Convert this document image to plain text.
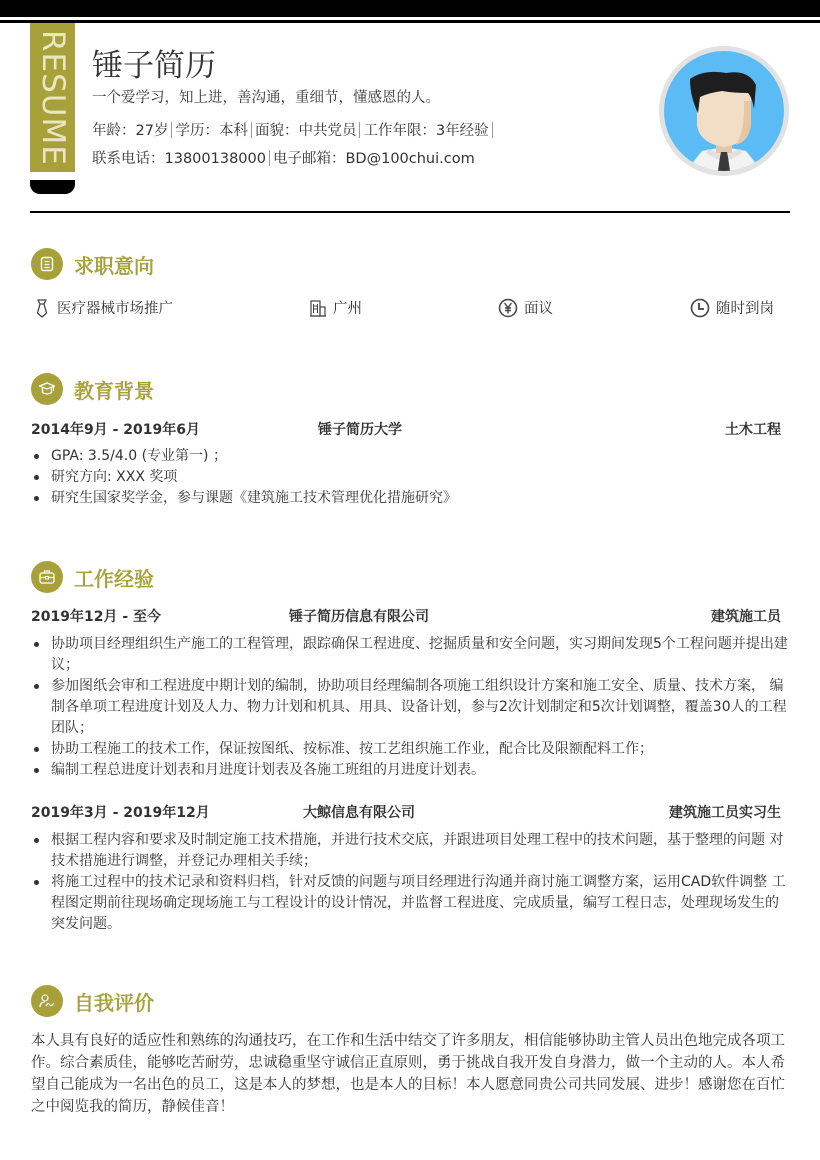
RESUME 锤子简历
一个爱学习，知上进，善沟通，重细节，懂感恩的人。
年龄：27岁 学历：本科 面貌：中共党员 工作年限：3年经验
联系电话：13800138000 电子邮箱：BD@100chui.com
求职意向
医疗器械市场推广	广州	面议	随时到岗
教育背景
2014年9月 - 2019年6月	锤子简历大学	土木工程
GPA: 3.5/4.0 (专业第一) ；
研究方向: XXX 奖项
研究生国家奖学金，参与课题《建筑施工技术管理优化措施研究》
工作经验
2019年12月 - 至今	锤子简历信息有限公司	建筑施工员
协助项目经理组织生产施工的工程管理，跟踪确保工程进度、挖掘质量和安全问题，实习期间发现5个工程问题并提出建议；
参加图纸会审和工程进度中期计划的编制，协助项目经理编制各项施工组织设计方案和施工安全、质量、技术方案， 编制各单项工程进度计划及人力、物力计划和机具、用具、设备计划，参与2次计划制定和5次计划调整，覆盖30人的工程团队；
协助工程施工的技术工作，保证按图纸、按标准、按工艺组织施工作业，配合比及限额配料工作；
编制工程总进度计划表和月进度计划表及各施工班组的月进度计划表。
2019年3月 - 2019年12月	大鲸信息有限公司	建筑施工员实习生
根据工程内容和要求及时制定施工技术措施，并进行技术交底，并跟进项目处理工程中的技术问题，基于整理的问题 对技术措施进行调整，并登记办理相关手续；
将施工过程中的技术记录和资料归档，针对反馈的问题与项目经理进行沟通并商讨施工调整方案，运用CAD软件调整 工程图定期前往现场确定现场施工与工程设计的设计情况，并监督工程进度、完成质量，编写工程日志，处理现场发生的突发问题。
自我评价

本人具有良好的适应性和熟练的沟通技巧，在工作和生活中结交了许多朋友，相信能够协助主管人员出色地完成各项工作。综合素质佳，能够吃苦耐劳，忠诚稳重坚守诚信正直原则，勇于挑战自我开发自身潜力，做一个主动的人。本人希望自己能成为一名出色的员工，这是本人的梦想，也是本人的目标！本人愿意同贵公司共同发展、进步！感谢您在百忙之中阅览我的简历，静候佳音！
